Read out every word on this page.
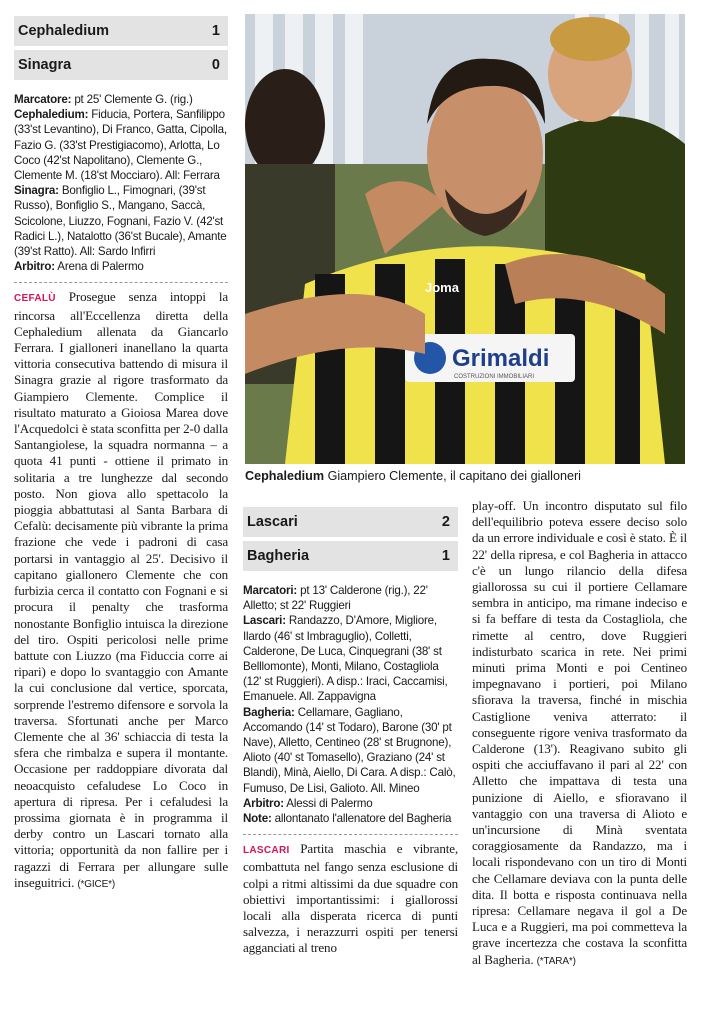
Cephaledium	1
Sinagra	0

Marcatore: pt 25' Clemente G. (rig.)

Cephaledium: Fiducia, Portera, Sanfilippo (33'st Levantino), Di Franco, Gatta, Cipolla, Fazio G. (33'st Prestigiacomo), Arlotta, Lo Coco (42'st Napolitano), Clemente G., Clemente M. (18'st Mocciaro). All: Ferrara

Sinagra: Bonfiglio L., Fimognari, (39'st Russo), Bonfiglio S., Mangano, Saccà, Scicolone, Liuzzo, Fognani, Fazio V. (42'st Radici L.), Natalotto (36'st Bucale), Amante (39'st Ratto). All: Sardo Infirri

Arbitro: Arena di Palermo

CEFALÙ Prosegue senza intoppi la rincorsa all'Eccellenza diretta della Cephaledium allenata da Giancarlo Ferrara. I gialloneri inanellano la quarta vittoria consecutiva battendo di misura il Sinagra grazie al rigore trasformato da Giampiero Clemente. Complice il risultato maturato a Gioiosa Marea dove l'Acquedolci è stata sconfitta per 2-0 dalla Santangiolese, la squadra normanna – a quota 41 punti - ottiene il primato in solitaria a tre lunghezze dal secondo posto. Non giova allo spettacolo la pioggia abbattutasi al Santa Barbara di Cefalù: decisamente più vibrante la prima frazione che vede i padroni di casa portarsi in vantaggio al 25'. Decisivo il capitano giallonero Clemente che con furbizia cerca il contatto con Fognani e si procura il penalty che trasforma nonostante Bonfiglio intuisca la direzione del tiro. Ospiti pericolosi nelle prime battute con Liuzzo (ma Fiduccia corre ai ripari) e dopo lo svantaggio con Amante la cui conclusione dal vertice, sporcata, sorprende l'estremo difensore e sorvola la traversa. Sfortunati anche per Marco Clemente che al 36' schiaccia di testa la sfera che rimbalza e supera il montante. Occasione per raddoppiare divorata dal neoacquisto cefaludese Lo Coco in apertura di ripresa. Per i cefaludesi la prossima giornata è in programma il derby contro un Lascari tornato alla vittoria; opportunità da non fallire per i ragazzi di Ferrara per allungare sulle inseguitrici. (*GICE*)

Grimaldi
COSTRUZIONI IMMOBILIARI
Joma
Cephaledium Giampiero Clemente, il capitano dei gialloneri
Lascari	2
Bagheria	1

Marcatori: pt 13' Calderone (rig.), 22' Alletto; st 22' Ruggieri

Lascari: Randazzo, D'Amore, Migliore, Ilardo (46' st Imbraguglio), Colletti, Calderone, De Luca, Cinquegrani (38' st Belllomonte), Monti, Milano, Costagliola (12' st Ruggieri). A disp.: Iraci, Caccamisi, Emanuele. All. Zappavigna

Bagheria: Cellamare, Gagliano, Accomando (14' st Todaro), Barone (30' pt Nave), Alletto, Centineo (28' st Brugnone), Alioto (40' st Tomasello), Graziano (24' st Blandi), Minà, Aiello, Di Cara. A disp.: Calò, Fumuso, De Lisi, Galioto. All. Mineo

Arbitro: Alessi di Palermo

Note: allontanato l'allenatore del Bagheria

LASCARI Partita maschia e vibrante, combattuta nel fango senza esclusione di colpi a ritmi altissimi da due squadre con obiettivi importantissimi: i giallorossi locali alla disperata ricerca di punti salvezza, i nerazzurri ospiti per tenersi agganciati al treno

play-off. Un incontro disputato sul filo dell'equilibrio poteva essere deciso solo da un errore individuale e così è stato. È il 22' della ripresa, e col Bagheria in attacco c'è un lungo rilancio della difesa giallorossa su cui il portiere Cellamare sembra in anticipo, ma rimane indeciso e si fa beffare di testa da Costagliola, che rimette al centro, dove Ruggieri indisturbato scarica in rete. Nei primi minuti prima Monti e poi Centineo impegnavano i portieri, poi Milano sfiorava la traversa, finché in mischia Castiglione veniva atterrato: il conseguente rigore veniva trasformato da Calderone (13'). Reagivano subito gli ospiti che acciuffavano il pari al 22' con Alletto che impattava di testa una punizione di Aiello, e sfioravano il vantaggio con una traversa di Alioto e un'incursione di Minà sventata coraggiosamente da Randazzo, ma i locali rispondevano con un tiro di Monti che Cellamare deviava con la punta delle dita. Il botta e risposta continuava nella ripresa: Cellamare negava il gol a De Luca e a Ruggieri, ma poi commetteva la grave incertezza che costava la sconfitta al Bagheria. (*TARA*)
